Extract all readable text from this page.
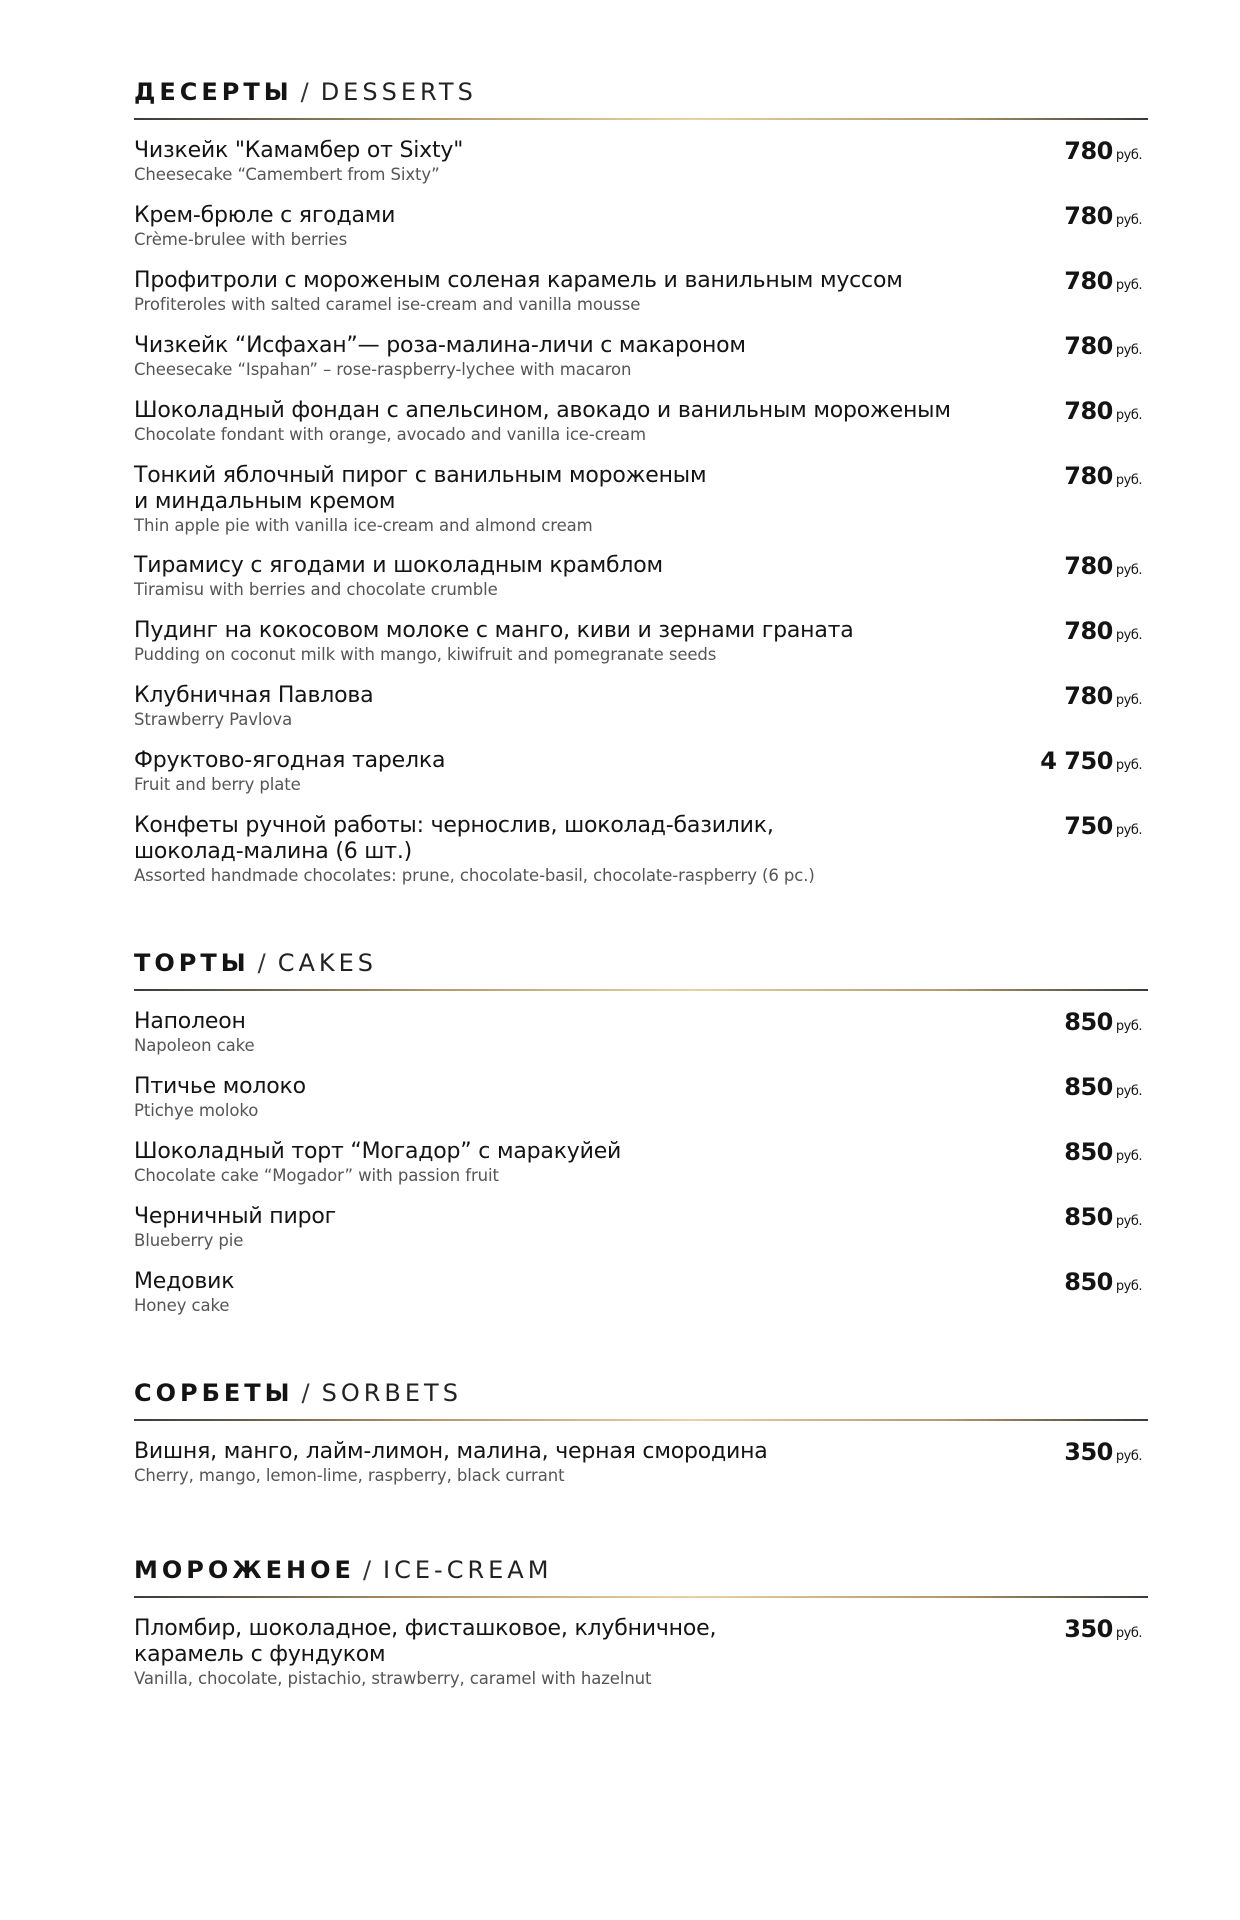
ДЕСЕРТЫ / DESSERTS
Чизкейк "Камамбер от Sixty"
Cheesecake “Camembert from Sixty”
780 руб.
Крем-брюле с ягодами
Crème-brulee with berries
780 руб.
Профитроли с мороженым соленая карамель и ванильным муссом
Profiteroles with salted caramel ise-cream and vanilla mousse
780 руб.
Чизкейк “Исфахан”— роза-малина-личи с макароном
Cheesecake “Ispahan” – rose-raspberry-lychee with macaron
780 руб.
Шоколадный фондан с апельсином, авокадо и ванильным мороженым
Chocolate fondant with orange, avocado and vanilla ice-cream
780 руб.
Тонкий яблочный пирог с ванильным мороженым
и миндальным кремом
Thin apple pie with vanilla ice-cream and almond cream
780 руб.
Тирамису с ягодами и шоколадным крамблом
Tiramisu with berries and chocolate crumble
780 руб.
Пудинг на кокосовом молоке с манго, киви и зернами граната
Pudding on coconut milk with mango, kiwifruit and pomegranate seeds
780 руб.
Клубничная Павлова
Strawberry Pavlova
780 руб.
Фруктово-ягодная тарелка
Fruit and berry plate
4 750 руб.
Конфеты ручной работы: чернослив, шоколад-базилик,
шоколад-малина (6 шт.)
Assorted handmade chocolates: prune, chocolate-basil, chocolate-raspberry (6 pc.)
750 руб.
ТОРТЫ / CAKES
Наполеон
Napoleon cake
850 руб.
Птичье молоко
Ptichye moloko
850 руб.
Шоколадный торт “Могадор” с маракуйей
Chocolate cake “Mogador” with passion fruit
850 руб.
Черничный пирог
Blueberry pie
850 руб.
Медовик
Honey cake
850 руб.
СОРБЕТЫ / SORBETS
Вишня, манго, лайм-лимон, малина, черная смородина
Cherry, mango, lemon-lime, raspberry, black currant
350 руб.
МОРОЖЕНОЕ / ICE-CREAM
Пломбир, шоколадное, фисташковое, клубничное,
карамель с фундуком
Vanilla, chocolate, pistachio, strawberry, caramel with hazelnut
350 руб.
